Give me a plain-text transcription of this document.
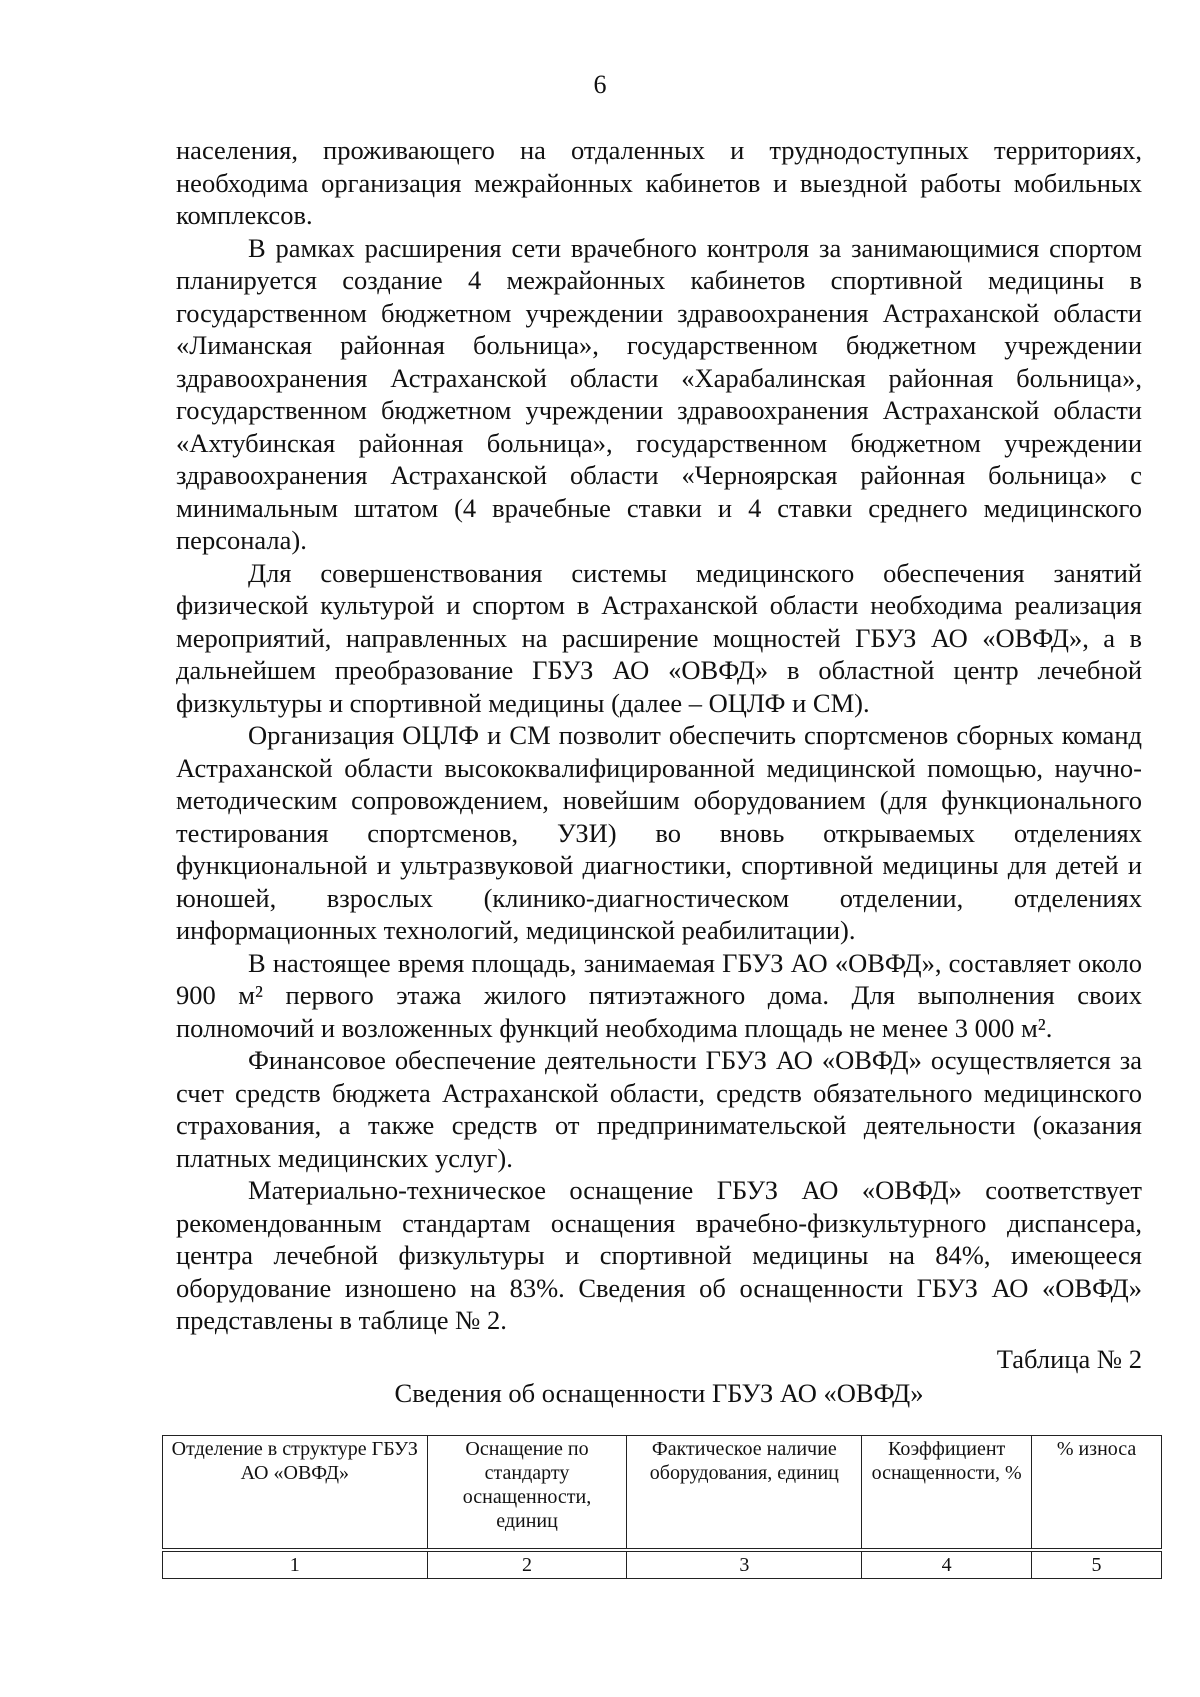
6

населения, проживающего на отдаленных и труднодоступных территориях, необходима организация межрайонных кабинетов и выездной работы мобильных комплексов.

В рамках расширения сети врачебного контроля за занимающимися спортом планируется создание 4 межрайонных кабинетов спортивной медицины в государственном бюджетном учреждении здравоохранения Астраханской области «Лиманская районная больница», государственном бюджетном учреждении здравоохранения Астраханской области «Харабалинская районная больница», государственном бюджетном учреждении здравоохранения Астраханской области «Ахтубинская районная больница», государственном бюджетном учреждении здравоохранения Астраханской области «Черноярская районная больница» с минимальным штатом (4 врачебные ставки и 4 ставки среднего медицинского персонала).

Для совершенствования системы медицинского обеспечения занятий физической культурой и спортом в Астраханской области необходима реализация мероприятий, направленных на расширение мощностей ГБУЗ АО «ОВФД», а в дальнейшем преобразование ГБУЗ АО «ОВФД» в областной центр лечебной физкультуры и спортивной медицины (далее – ОЦЛФ и СМ).

Организация ОЦЛФ и СМ позволит обеспечить спортсменов сборных команд Астраханской области высококвалифицированной медицинской помощью, научно-методическим сопровождением, новейшим оборудованием (для функционального тестирования спортсменов, УЗИ) во вновь открываемых отделениях функциональной и ультразвуковой диагностики, спортивной медицины для детей и юношей, взрослых (клинико-диагностическом отделении, отделениях информационных технологий, медицинской реабилитации).

В настоящее время площадь, занимаемая ГБУЗ АО «ОВФД», составляет около 900 м² первого этажа жилого пятиэтажного дома. Для выполнения своих полномочий и возложенных функций необходима площадь не менее 3 000 м².

Финансовое обеспечение деятельности ГБУЗ АО «ОВФД» осуществляется за счет средств бюджета Астраханской области, средств обязательного медицинского страхования, а также средств от предпринимательской деятельности (оказания платных медицинских услуг).

Материально-техническое оснащение ГБУЗ АО «ОВФД» соответствует рекомендованным стандартам оснащения врачебно-физкультурного диспансера, центра лечебной физкультуры и спортивной медицины на 84%, имеющееся оборудование изношено на 83%. Сведения об оснащенности ГБУЗ АО «ОВФД» представлены в таблице № 2.

Таблица № 2
Сведения об оснащенности ГБУЗ АО «ОВФД»
Отделение в структуре ГБУЗ АО «ОВФД»	Оснащение по стандарту оснащенности, единиц	Фактическое наличие оборудования, единиц	Коэффициент оснащенности, %	% износа
1	2	3	4	5
